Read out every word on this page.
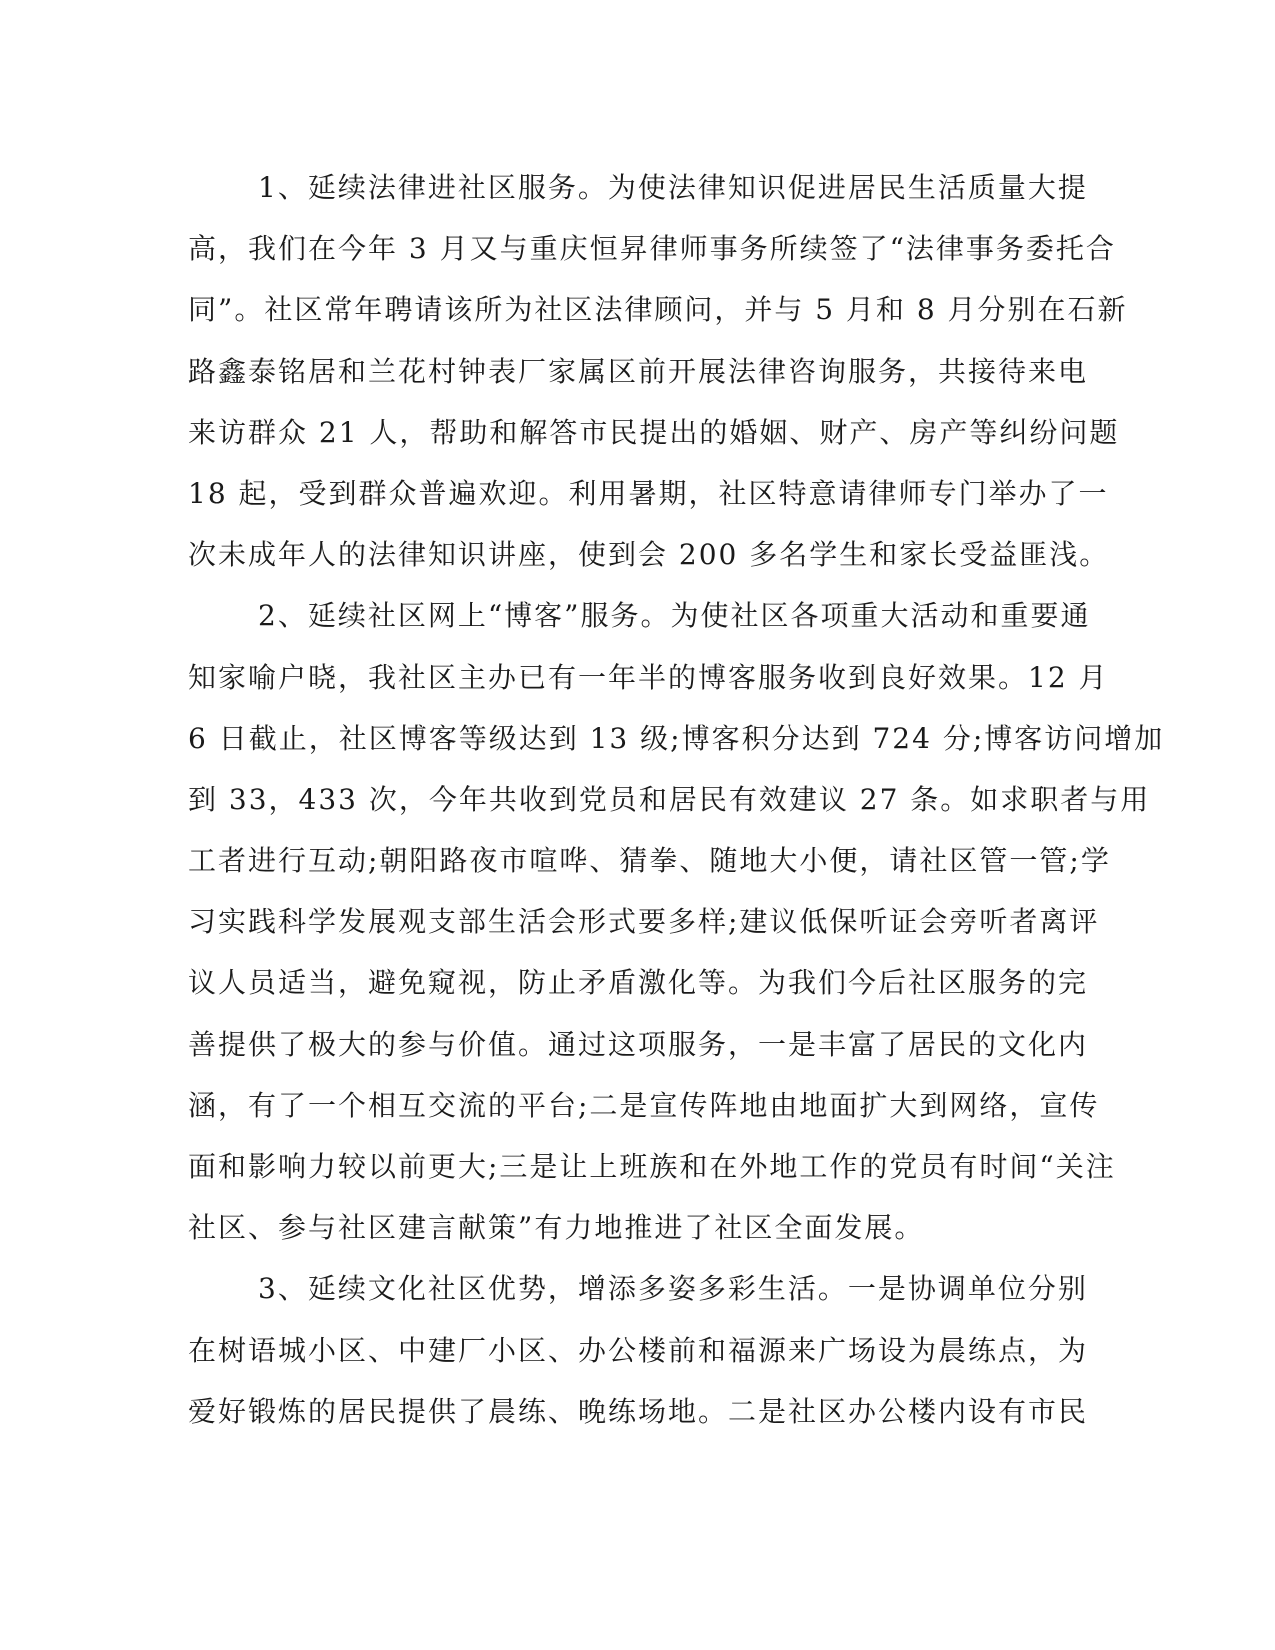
1、延续法律进社区服务。为使法律知识促进居民生活质量大提
高，我们在今年 3 月又与重庆恒昇律师事务所续签了“法律事务委托合
同”。社区常年聘请该所为社区法律顾问，并与 5 月和 8 月分别在石新
路鑫泰铭居和兰花村钟表厂家属区前开展法律咨询服务，共接待来电
来访群众 21 人，帮助和解答市民提出的婚姻、财产、房产等纠纷问题
18 起，受到群众普遍欢迎。利用暑期，社区特意请律师专门举办了一
次未成年人的法律知识讲座，使到会 200 多名学生和家长受益匪浅。
2、延续社区网上“博客”服务。为使社区各项重大活动和重要通
知家喻户晓，我社区主办已有一年半的博客服务收到良好效果。12 月
6 日截止，社区博客等级达到 13 级;博客积分达到 724 分;博客访问增加
到 33，433 次，今年共收到党员和居民有效建议 27 条。如求职者与用
工者进行互动;朝阳路夜市喧哗、猜拳、随地大小便，请社区管一管;学
习实践科学发展观支部生活会形式要多样;建议低保听证会旁听者离评
议人员适当，避免窥视，防止矛盾激化等。为我们今后社区服务的完
善提供了极大的参与价值。通过这项服务，一是丰富了居民的文化内
涵，有了一个相互交流的平台;二是宣传阵地由地面扩大到网络，宣传
面和影响力较以前更大;三是让上班族和在外地工作的党员有时间“关注
社区、参与社区建言献策”有力地推进了社区全面发展。
3、延续文化社区优势，增添多姿多彩生活。一是协调单位分别
在树语城小区、中建厂小区、办公楼前和福源来广场设为晨练点，为
爱好锻炼的居民提供了晨练、晚练场地。二是社区办公楼内设有市民
